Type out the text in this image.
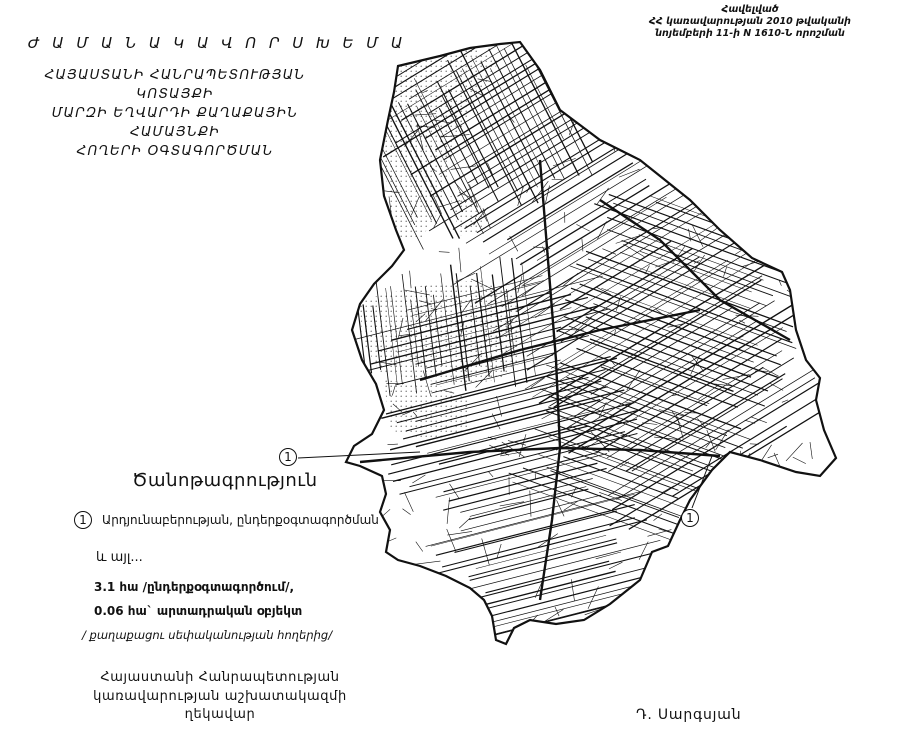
1
1
Ժ Ա Մ Ա Ն Ա Կ Ա Վ Ո Ր Ս Խ Ե Մ Ա
ՀԱՅԱՍՏԱՆԻ ՀԱՆՐԱՊԵՏՈՒԹՅԱՆ ԿՈՏԱՅՔԻ
ՄԱՐԶԻ ԵՂՎԱՐԴԻ ՔԱՂԱՔԱՅԻՆ ՀԱՄԱՅՆՔԻ
ՀՈՂԵՐԻ ՕԳՏԱԳՈՐԾՄԱՆ
Հավելված
ՀՀ կառավարության 2010 թվականի
նոյեմբերի 11-ի N 1610-Ն որոշման
Ծանոթագրություն
1 Արդյունաբերության, ընդերքօգտագործման
և այլ...
3.1 հա /ընդերքօգտագործում/,
0.06 հա` արտադրական օբյեկտ
/ քաղաքացու սեփականության հողերից/
Հայաստանի Հանրապետության
կառավարության աշխատակազմի
ղեկավար	Դ. Սարգսյան
